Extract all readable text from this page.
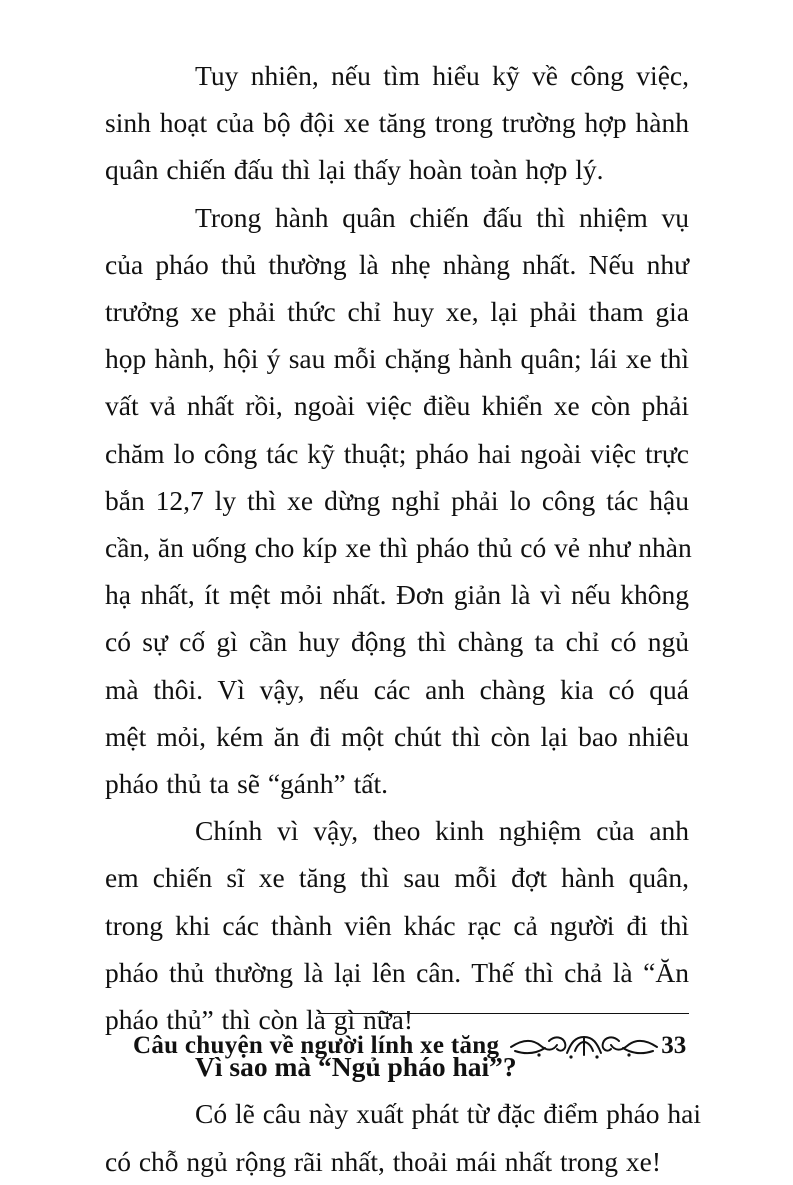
Tuy nhiên, nếu tìm hiểu kỹ về công việc,
sinh hoạt của bộ đội xe tăng trong trường hợp hành
quân chiến đấu thì lại thấy hoàn toàn hợp lý.

Trong hành quân chiến đấu thì nhiệm vụ
của pháo thủ thường là nhẹ nhàng nhất. Nếu như
trưởng xe phải thức chỉ huy xe, lại phải tham gia
họp hành, hội ý sau mỗi chặng hành quân; lái xe thì
vất vả nhất rồi, ngoài việc điều khiển xe còn phải
chăm lo công tác kỹ thuật; pháo hai ngoài việc trực
bắn 12,7 ly thì xe dừng nghỉ phải lo công tác hậu
cần, ăn uống cho kíp xe thì pháo thủ có vẻ như nhàn
hạ nhất, ít mệt mỏi nhất. Đơn giản là vì nếu không
có sự cố gì cần huy động thì chàng ta chỉ có ngủ
mà thôi. Vì vậy, nếu các anh chàng kia có quá
mệt mỏi, kém ăn đi một chút thì còn lại bao nhiêu
pháo thủ ta sẽ “gánh” tất.

Chính vì vậy, theo kinh nghiệm của anh
em chiến sĩ xe tăng thì sau mỗi đợt hành quân,
trong khi các thành viên khác rạc cả người đi thì
pháo thủ thường là lại lên cân. Thế thì chả là “Ăn
pháo thủ” thì còn là gì nữa!

Vì sao mà “Ngủ pháo hai”?

Có lẽ câu này xuất phát từ đặc điểm pháo hai
có chỗ ngủ rộng rãi nhất, thoải mái nhất trong xe!

Câu chuyện về người lính xe tăng	33
